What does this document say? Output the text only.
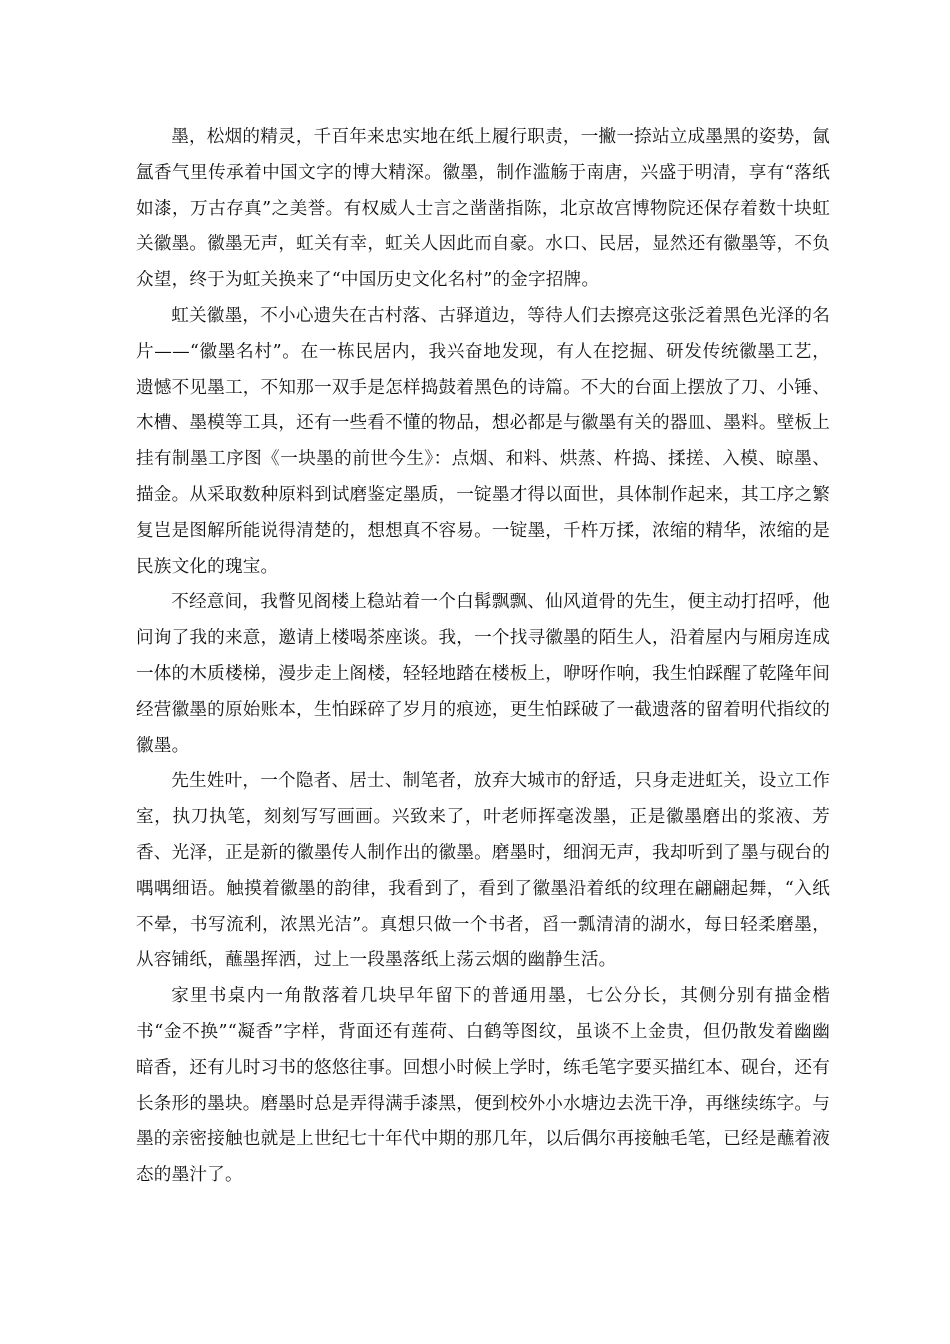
墨，松烟的精灵，千百年来忠实地在纸上履行职责，一撇一捺站立成墨黑的姿势，氤氲香气里传承着中国文字的博大精深。徽墨，制作滥觞于南唐，兴盛于明清，享有“落纸如漆，万古存真”之美誉。有权威人士言之凿凿指陈，北京故宫博物院还保存着数十块虹关徽墨。徽墨无声，虹关有幸，虹关人因此而自豪。水口、民居，显然还有徽墨等，不负众望，终于为虹关换来了“中国历史文化名村”的金字招牌。

虹关徽墨，不小心遗失在古村落、古驿道边，等待人们去擦亮这张泛着黑色光泽的名片——“徽墨名村”。在一栋民居内，我兴奋地发现，有人在挖掘、研发传统徽墨工艺，遗憾不见墨工，不知那一双手是怎样捣鼓着黑色的诗篇。不大的台面上摆放了刀、小锤、木槽、墨模等工具，还有一些看不懂的物品，想必都是与徽墨有关的器皿、墨料。壁板上挂有制墨工序图《一块墨的前世今生》：点烟、和料、烘蒸、杵捣、揉搓、入模、晾墨、描金。从采取数种原料到试磨鉴定墨质，一锭墨才得以面世，具体制作起来，其工序之繁复岂是图解所能说得清楚的，想想真不容易。一锭墨，千杵万揉，浓缩的精华，浓缩的是民族文化的瑰宝。

不经意间，我瞥见阁楼上稳站着一个白髯飘飘、仙风道骨的先生，便主动打招呼，他问询了我的来意，邀请上楼喝茶座谈。我，一个找寻徽墨的陌生人，沿着屋内与厢房连成一体的木质楼梯，漫步走上阁楼，轻轻地踏在楼板上，咿呀作响，我生怕踩醒了乾隆年间经营徽墨的原始账本，生怕踩碎了岁月的痕迹，更生怕踩破了一截遗落的留着明代指纹的徽墨。

先生姓叶，一个隐者、居士、制笔者，放弃大城市的舒适，只身走进虹关，设立工作室，执刀执笔，刻刻写写画画。兴致来了，叶老师挥毫泼墨，正是徽墨磨出的浆液、芳香、光泽，正是新的徽墨传人制作出的徽墨。磨墨时，细润无声，我却听到了墨与砚台的喁喁细语。触摸着徽墨的韵律，我看到了，看到了徽墨沿着纸的纹理在翩翩起舞，“入纸不晕，书写流利，浓黑光洁”。真想只做一个书者，舀一瓢清清的湖水，每日轻柔磨墨，从容铺纸，蘸墨挥洒，过上一段墨落纸上荡云烟的幽静生活。

家里书桌内一角散落着几块早年留下的普通用墨，七公分长，其侧分别有描金楷书“金不换”“凝香”字样，背面还有莲荷、白鹤等图纹，虽谈不上金贵，但仍散发着幽幽暗香，还有儿时习书的悠悠往事。回想小时候上学时，练毛笔字要买描红本、砚台，还有长条形的墨块。磨墨时总是弄得满手漆黑，便到校外小水塘边去洗干净，再继续练字。与墨的亲密接触也就是上世纪七十年代中期的那几年，以后偶尔再接触毛笔，已经是蘸着液态的墨汁了。
